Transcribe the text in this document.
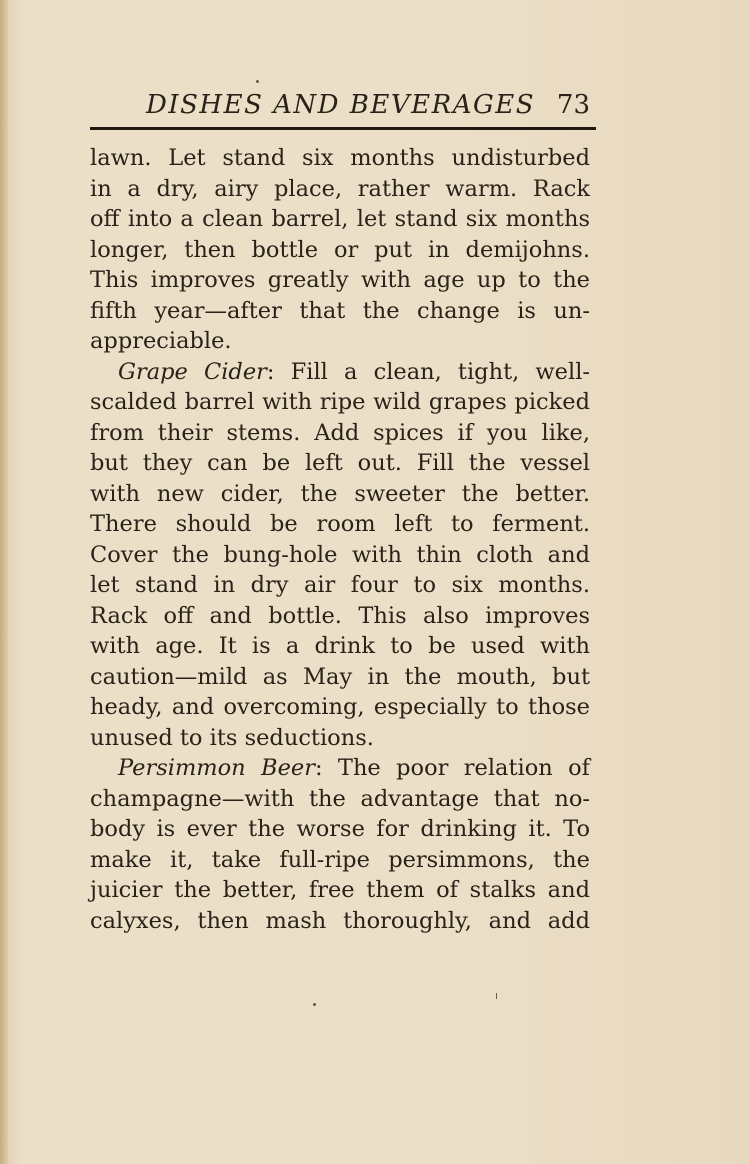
DISHES AND BEVERAGES 73
lawn. Let stand six months undisturbed
in a dry, airy place, rather warm. Rack
off into a clean barrel, let stand six months
longer, then bottle or put in demijohns.
This improves greatly with age up to the
fifth year—after that the change is un-
appreciable.
Grape Cider: Fill a clean, tight, well-
scalded barrel with ripe wild grapes picked
from their stems. Add spices if you like,
but they can be left out. Fill the vessel
with new cider, the sweeter the better.
There should be room left to ferment.
Cover the bung-hole with thin cloth and
let stand in dry air four to six months.
Rack off and bottle. This also improves
with age. It is a drink to be used with
caution—mild as May in the mouth, but
heady, and overcoming, especially to those
unused to its seductions.
Persimmon Beer: The poor relation of
champagne—with the advantage that no-
body is ever the worse for drinking it. To
make it, take full-ripe persimmons, the
juicier the better, free them of stalks and
calyxes, then mash thoroughly, and add
